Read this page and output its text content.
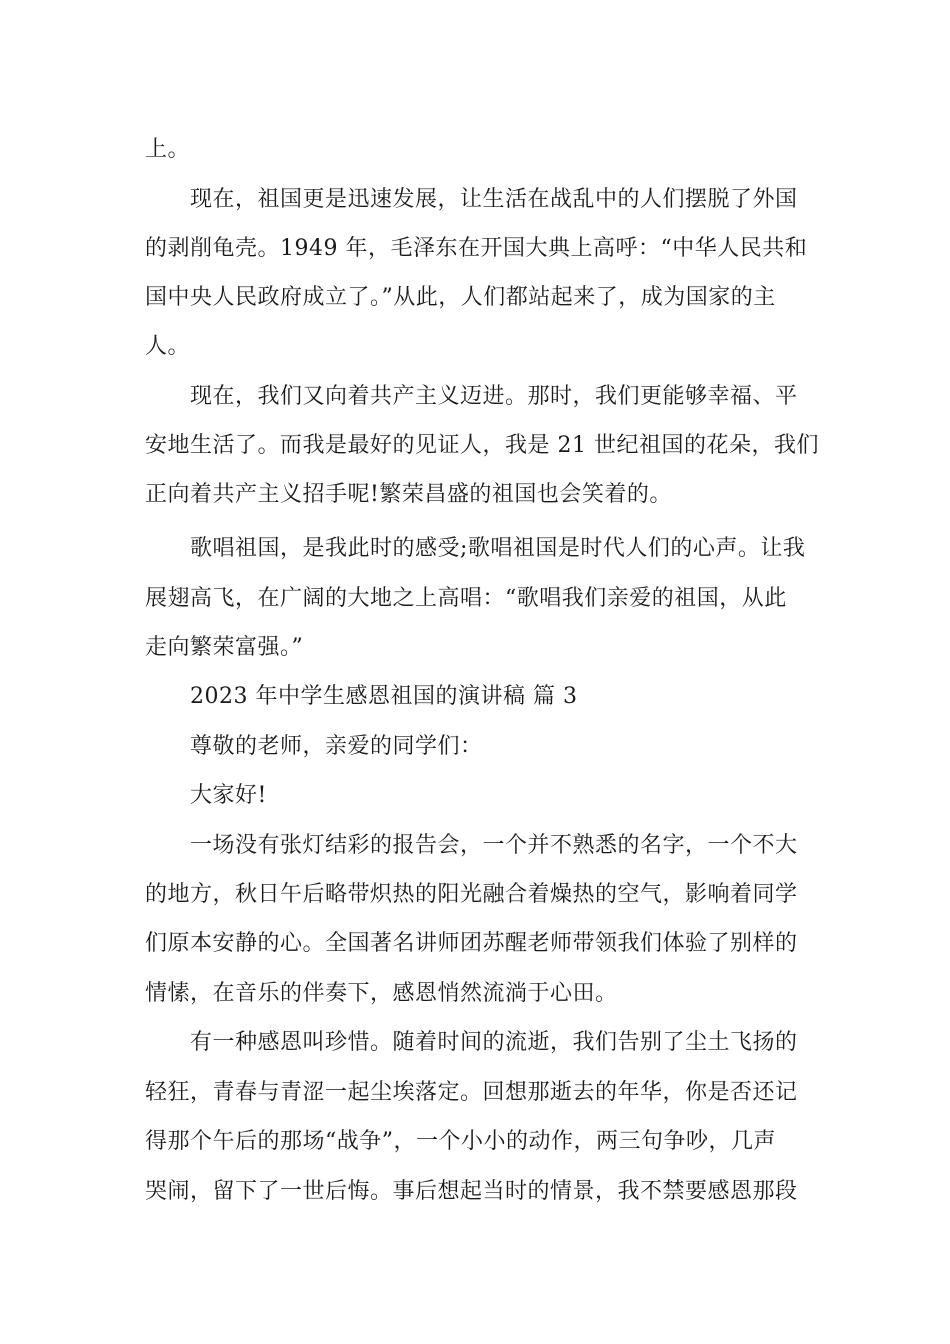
上。
现在，祖国更是迅速发展，让生活在战乱中的人们摆脱了外国
的剥削龟壳。1949 年，毛泽东在开国大典上高呼：“中华人民共和
国中央人民政府成立了。”从此，人们都站起来了，成为国家的主
人。
现在，我们又向着共产主义迈进。那时，我们更能够幸福、平
安地生活了。而我是最好的见证人，我是 21 世纪祖国的花朵，我们
正向着共产主义招手呢!繁荣昌盛的祖国也会笑着的。
歌唱祖国，是我此时的感受;歌唱祖国是时代人们的心声。让我
展翅高飞，在广阔的大地之上高唱：“歌唱我们亲爱的祖国，从此
走向繁荣富强。”
2023 年中学生感恩祖国的演讲稿 篇 3
尊敬的老师，亲爱的同学们：
大家好!
一场没有张灯结彩的报告会，一个并不熟悉的名字，一个不大
的地方，秋日午后略带炽热的阳光融合着燥热的空气，影响着同学
们原本安静的心。全国著名讲师团苏醒老师带领我们体验了别样的
情愫，在音乐的伴奏下，感恩悄然流淌于心田。
有一种感恩叫珍惜。随着时间的流逝，我们告别了尘土飞扬的
轻狂，青春与青涩一起尘埃落定。回想那逝去的年华，你是否还记
得那个午后的那场“战争”，一个小小的动作，两三句争吵，几声
哭闹，留下了一世后悔。事后想起当时的情景，我不禁要感恩那段
